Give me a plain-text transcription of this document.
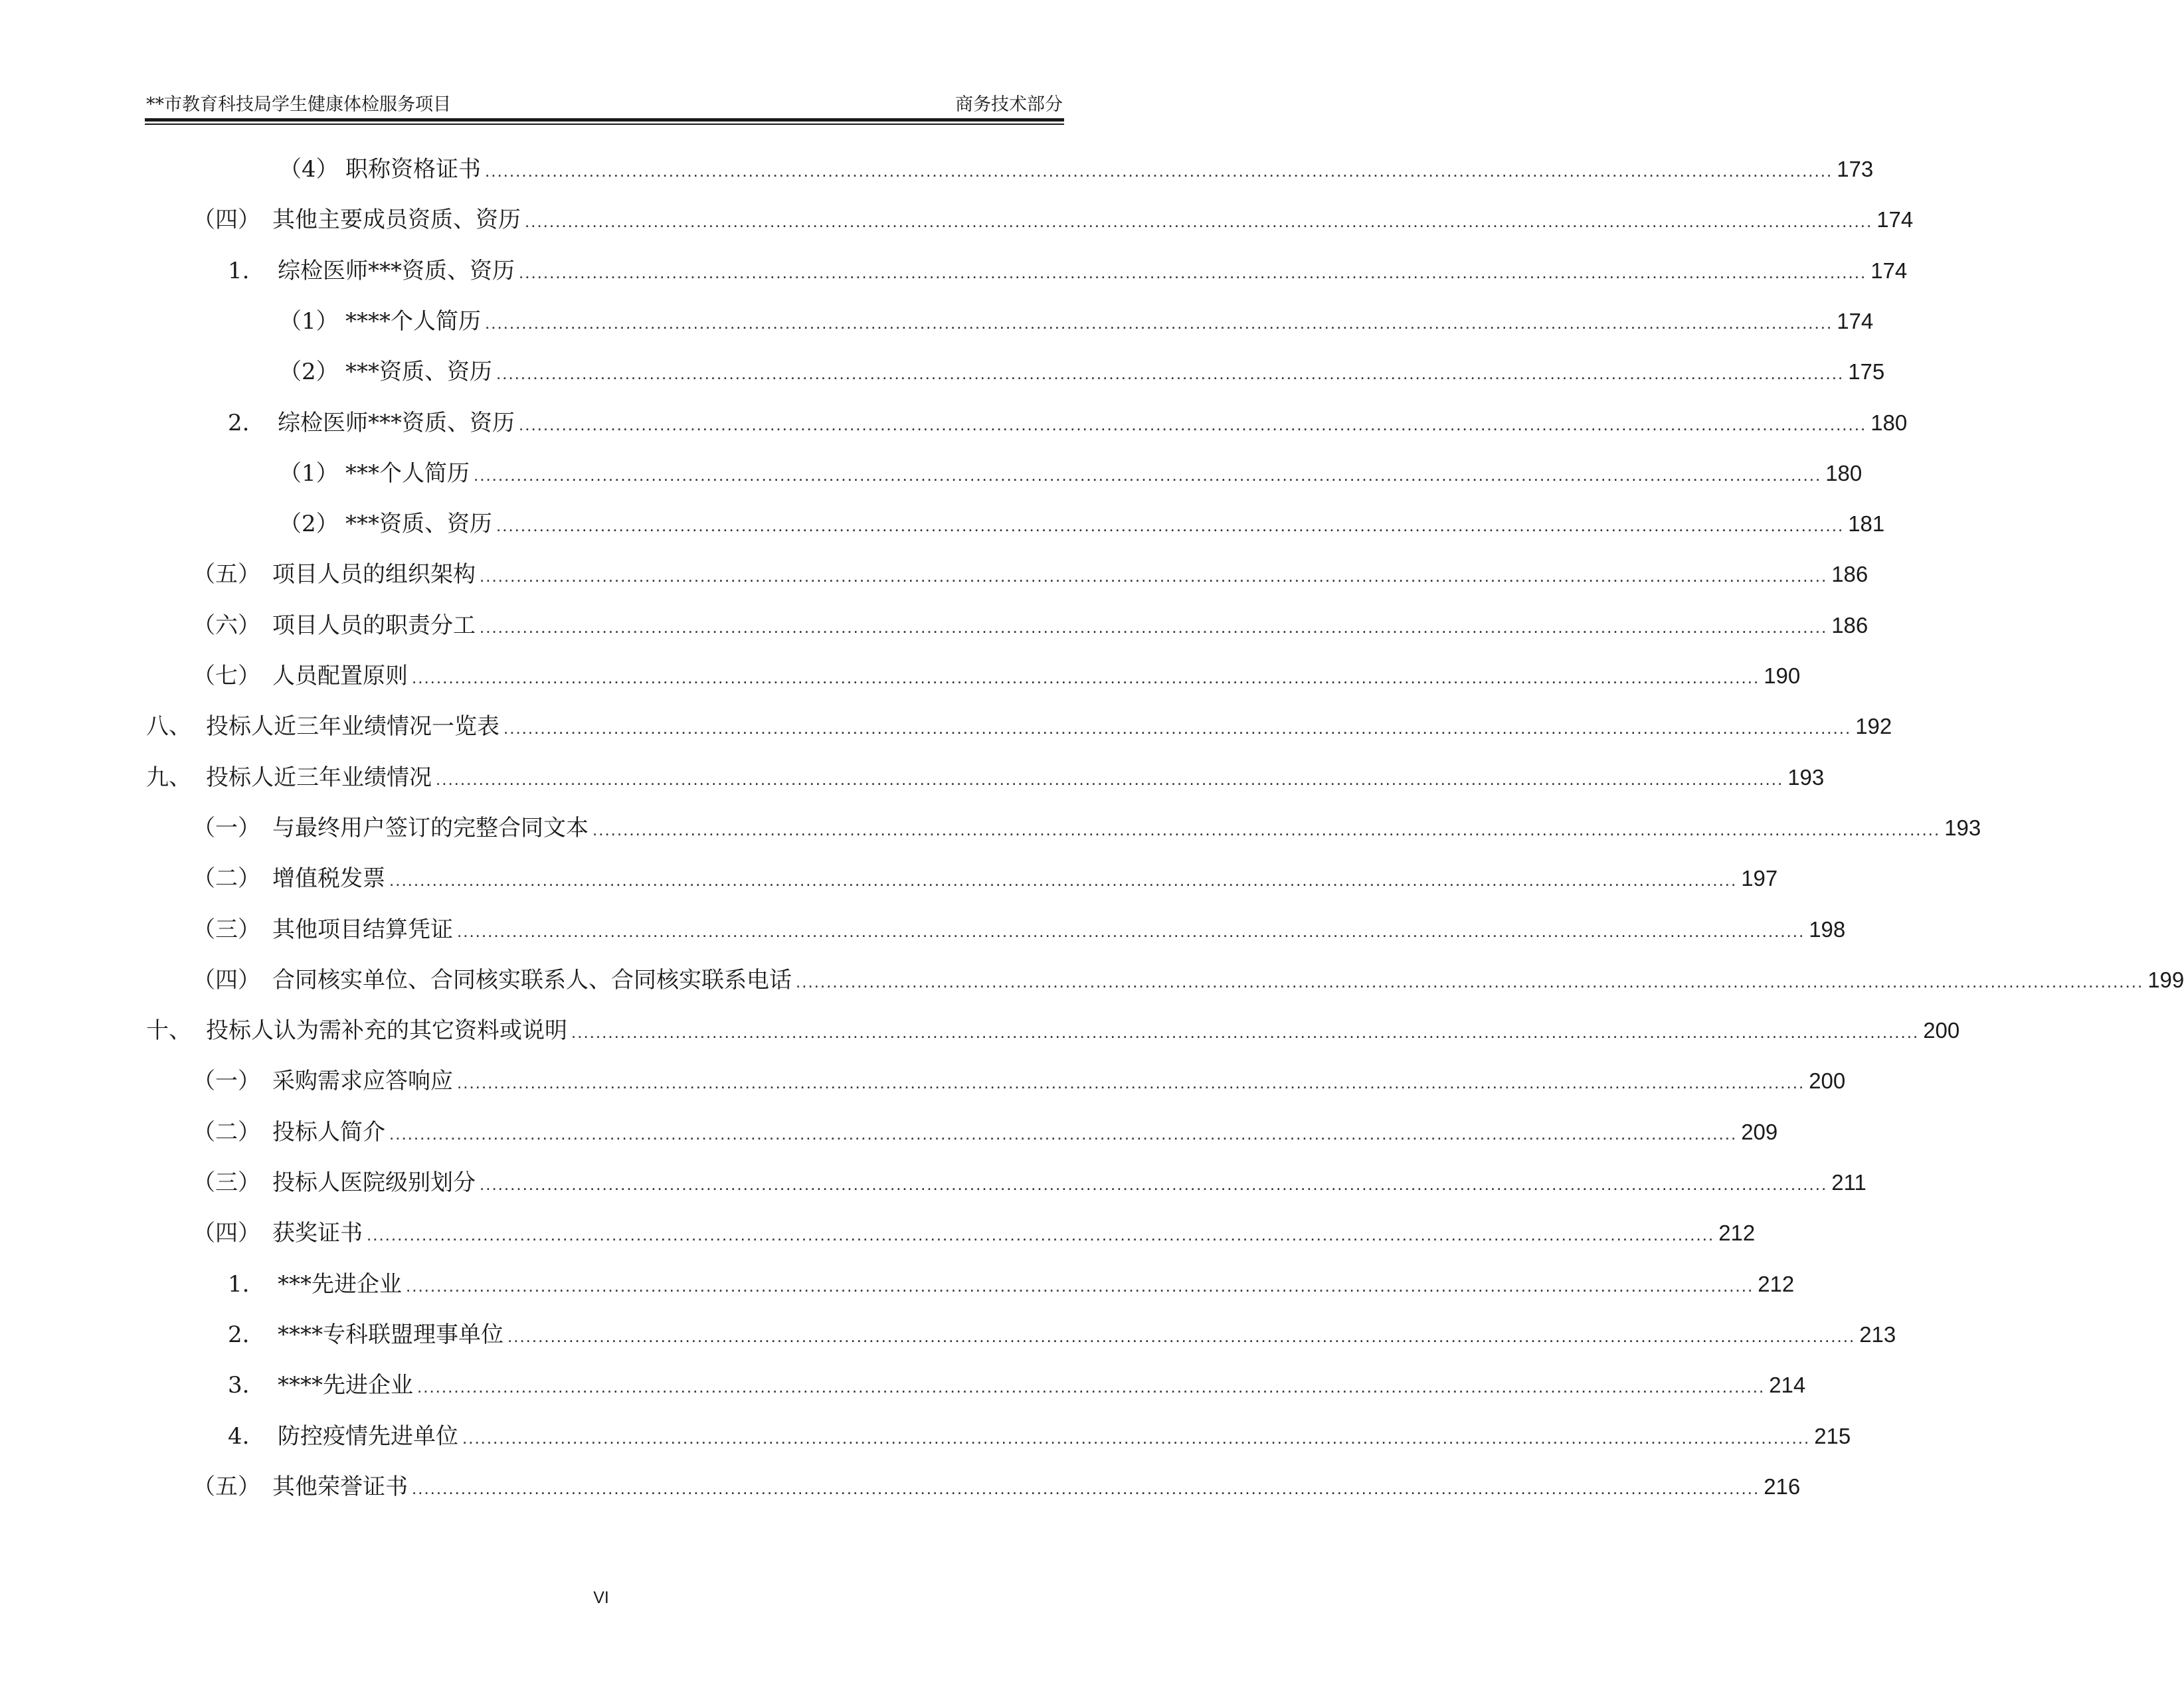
**市教育科技局学生健康体检服务项目	商务技术部分
（4） 职称资格证书 ............................................................................................................................................................................................................................ 173
（四） 其他主要成员资质、资历 ............................................................................................................................................................................................................................ 174
1.	综检医师***资质、资历 ............................................................................................................................................................................................................................ 174
（1） ****个人简历 ............................................................................................................................................................................................................................ 174
（2） ***资质、资历 ............................................................................................................................................................................................................................ 175
2.	综检医师***资质、资历 ............................................................................................................................................................................................................................ 180
（1） ***个人简历 ............................................................................................................................................................................................................................ 180
（2） ***资质、资历 ............................................................................................................................................................................................................................ 181
（五） 项目人员的组织架构 ............................................................................................................................................................................................................................ 186
（六） 项目人员的职责分工 ............................................................................................................................................................................................................................ 186
（七） 人员配置原则 ............................................................................................................................................................................................................................ 190
八、 投标人近三年业绩情况一览表 ............................................................................................................................................................................................................................ 192
九、 投标人近三年业绩情况 ............................................................................................................................................................................................................................ 193
（一） 与最终用户签订的完整合同文本 ............................................................................................................................................................................................................................ 193
（二） 增值税发票 ............................................................................................................................................................................................................................ 197
（三） 其他项目结算凭证 ............................................................................................................................................................................................................................ 198
（四） 合同核实单位、合同核实联系人、合同核实联系电话 ............................................................................................................................................................................................................................ 199
十、 投标人认为需补充的其它资料或说明 ............................................................................................................................................................................................................................ 200
（一） 采购需求应答响应 ............................................................................................................................................................................................................................ 200
（二） 投标人简介 ............................................................................................................................................................................................................................ 209
（三） 投标人医院级别划分 ............................................................................................................................................................................................................................ 211
（四） 获奖证书 ............................................................................................................................................................................................................................ 212
1.	***先进企业 ............................................................................................................................................................................................................................ 212
2.	****专科联盟理事单位 ............................................................................................................................................................................................................................ 213
3.	****先进企业 ............................................................................................................................................................................................................................ 214
4.	防控疫情先进单位 ............................................................................................................................................................................................................................ 215
（五） 其他荣誉证书 ............................................................................................................................................................................................................................ 216
VI
